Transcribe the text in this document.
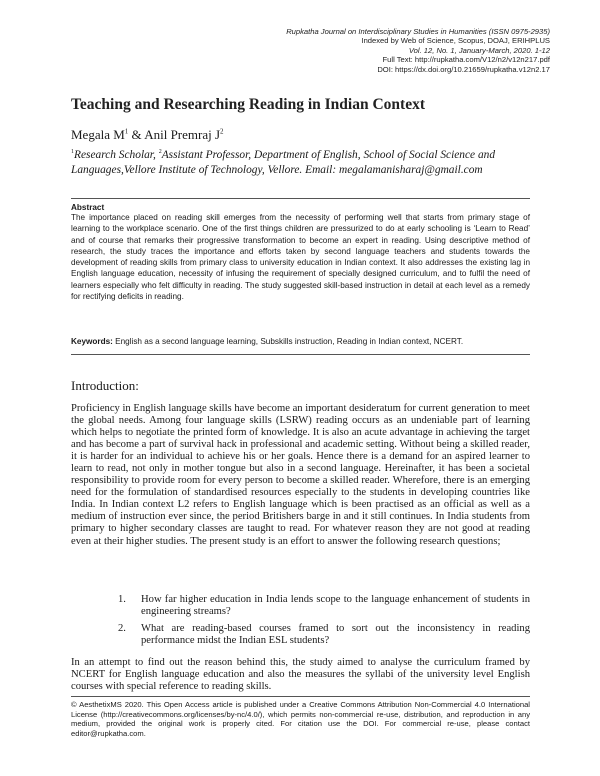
Rupkatha Journal on Interdisciplinary Studies in Humanities (ISSN 0975-2935)
Indexed by Web of Science, Scopus, DOAJ, ERIHPLUS
Vol. 12, No. 1, January-March, 2020. 1-12
Full Text: http://rupkatha.com/V12/n2/v12n217.pdf
DOI: https://dx.doi.org/10.21659/rupkatha.v12n2.17
Teaching and Researching Reading in Indian Context
Megala $M^1$ & Anil Premraj $J^2$
$^1$Research Scholar, $^2$Assistant Professor, Department of English, School of Social Science and Languages,Vellore Institute of Technology, Vellore. Email: megalamanisharaj@gmail.com
Abstract
The importance placed on reading skill emerges from the necessity of performing well that starts from primary stage of learning to the workplace scenario. One of the first things children are pressurized to do at early schooling is ‘Learn to Read’ and of course that remarks their progressive transformation to become an expert in reading. Using descriptive method of research, the study traces the importance and efforts taken by second language teachers and students towards the development of reading skills from primary class to university education in Indian context. It also addresses the existing lag in English language education, necessity of infusing the requirement of specially designed curriculum, and to fulfil the need of learners especially who felt difficulty in reading. The study suggested skill-based instruction in detail at each level as a remedy for rectifying deficits in reading.
Keywords: English as a second language learning, Subskills instruction, Reading in Indian context, NCERT.
Introduction:
Proficiency in English language skills have become an important desideratum for current generation to meet the global needs. Among four language skills (LSRW) reading occurs as an undeniable part of learning which helps to negotiate the printed form of knowledge. It is also an acute advantage in achieving the target and has become a part of survival hack in professional and academic setting. Without being a skilled reader, it is harder for an individual to achieve his or her goals. Hence there is a demand for an aspired learner to learn to read, not only in mother tongue but also in a second language. Hereinafter, it has been a societal responsibility to provide room for every person to become a skilled reader. Wherefore, there is an emerging need for the formulation of standardised resources especially to the students in developing countries like India. In Indian context L2 refers to English language which is been practised as an official as well as a medium of instruction ever since, the period Britishers barge in and it still continues. In India students from primary to higher secondary classes are taught to read. For whatever reason they are not good at reading even at their higher studies. The present study is an effort to answer the following research questions;
1. How far higher education in India lends scope to the language enhancement of students in engineering streams?
2. What are reading-based courses framed to sort out the inconsistency in reading performance midst the Indian ESL students?
In an attempt to find out the reason behind this, the study aimed to analyse the curriculum framed by NCERT for English language education and also the measures the syllabi of the university level English courses with special reference to reading skills.
© AesthetixMS 2020. This Open Access article is published under a Creative Commons Attribution Non-Commercial 4.0 International License (http://creativecommons.org/licenses/by-nc/4.0/), which permits non-commercial re-use, distribution, and reproduction in any medium, provided the original work is properly cited. For citation use the DOI. For commercial re-use, please contact editor@rupkatha.com.
